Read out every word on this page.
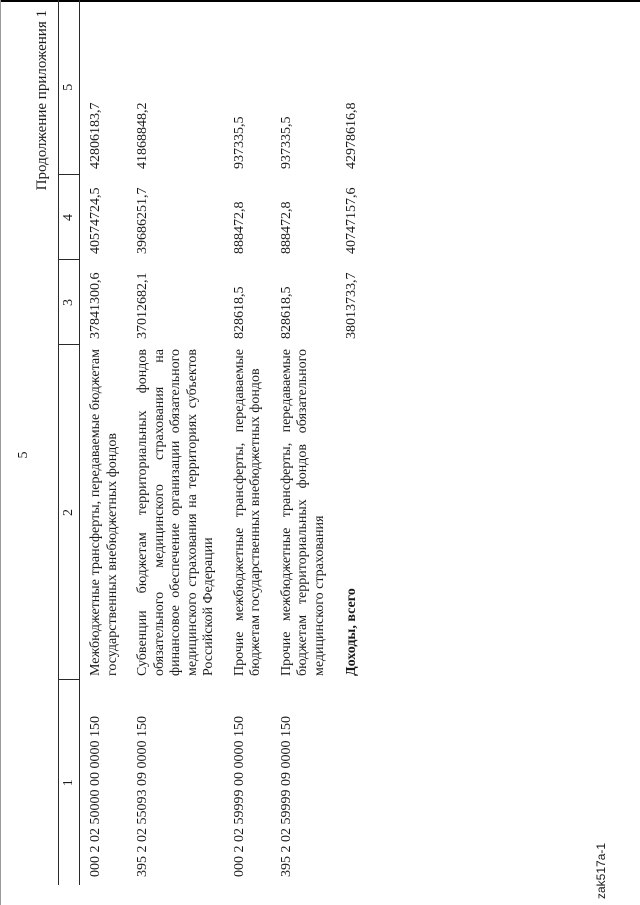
5
Продолжение приложения 1
1	2	3	4	5
000 2 02 50000 00 0000 150	Межбюджетные трансферты, передаваемые бюджетам государственных внебюджетных фондов	37841300,6	40574724,5	42806183,7
395 2 02 55093 09 0000 150	Субвенции бюджетам территориальных фондов обязательного медицинского страхования на финансовое обеспечение организации обязательного медицинского страхования на территориях субъектов Российской Федерации	37012682,1	39686251,7	41868848,2
000 2 02 59999 00 0000 150	Прочие межбюджетные трансферты, передаваемые бюджетам государственных внебюджетных фондов	828618,5	888472,8	937335,5
395 2 02 59999 09 0000 150	Прочие межбюджетные трансферты, передаваемые бюджетам территориальных фондов обязательного медицинского страхования	828618,5	888472,8	937335,5
	Доходы, всего	38013733,7	40747157,6	42978616,8
zak517a-1
